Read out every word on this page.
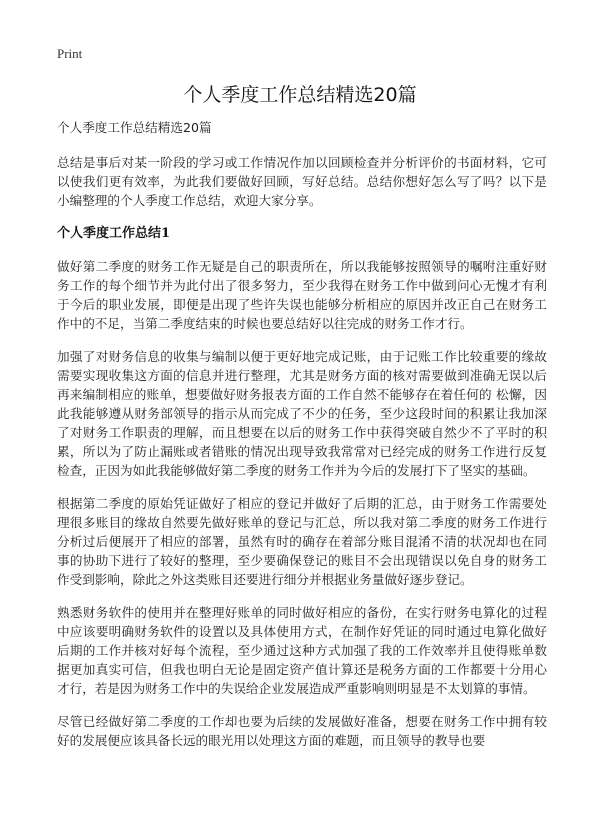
Print
个人季度工作总结精选20篇

个人季度工作总结精选20篇

总结是事后对某一阶段的学习或工作情况作加以回顾检查并分析评价的书面材料，它可以使我们更有效率，为此我们要做好回顾，写好总结。总结你想好怎么写了吗？以下是小编整理的个人季度工作总结，欢迎大家分享。

个人季度工作总结1

做好第二季度的财务工作无疑是自己的职责所在，所以我能够按照领导的嘱咐注重好财务工作的每个细节并为此付出了很多努力，至少我得在财务工作中做到问心无愧才有利于今后的职业发展，即便是出现了些许失误也能够分析相应的原因并改正自己在财务工作中的不足，当第二季度结束的时候也要总结好以往完成的财务工作才行。

加强了对财务信息的收集与编制以便于更好地完成记账，由于记账工作比较重要的缘故需要实现收集这方面的信息并进行整理，尤其是财务方面的核对需要做到准确无误以后再来编制相应的账单，想要做好财务报表方面的工作自然不能够存在着任何的 松懈，因此我能够遵从财务部领导的指示从而完成了不少的任务，至少这段时间的积累让我加深了对财务工作职责的理解，而且想要在以后的财务工作中获得突破自然少不了平时的积累，所以为了防止漏账或者错账的情况出现导致我常常对已经完成的财务工作进行反复检查，正因为如此我能够做好第二季度的财务工作并为今后的发展打下了坚实的基础。

根据第二季度的原始凭证做好了相应的登记并做好了后期的汇总，由于财务工作需要处理很多账目的缘故自然要先做好账单的登记与汇总，所以我对第二季度的财务工作进行分析过后便展开了相应的部署，虽然有时的确存在着部分账目混淆不清的状况却也在同事的协助下进行了较好的整理，至少要确保登记的账目不会出现错误以免自身的财务工作受到影响，除此之外这类账目还要进行细分并根据业务量做好逐步登记。

熟悉财务软件的使用并在整理好账单的同时做好相应的备份，在实行财务电算化的过程中应该要明确财务软件的设置以及具体使用方式，在制作好凭证的同时通过电算化做好后期的工作并核对好每个流程，至少通过这种方式加强了我的工作效率并且使得账单数据更加真实可信，但我也明白无论是固定资产值计算还是税务方面的工作都要十分用心才行，若是因为财务工作中的失误给企业发展造成严重影响则明显是不太划算的事情。

尽管已经做好第二季度的工作却也要为后续的发展做好准备，想要在财务工作中拥有较好的发展便应该具备长远的眼光用以处理这方面的难题，而且领导的教导也要
